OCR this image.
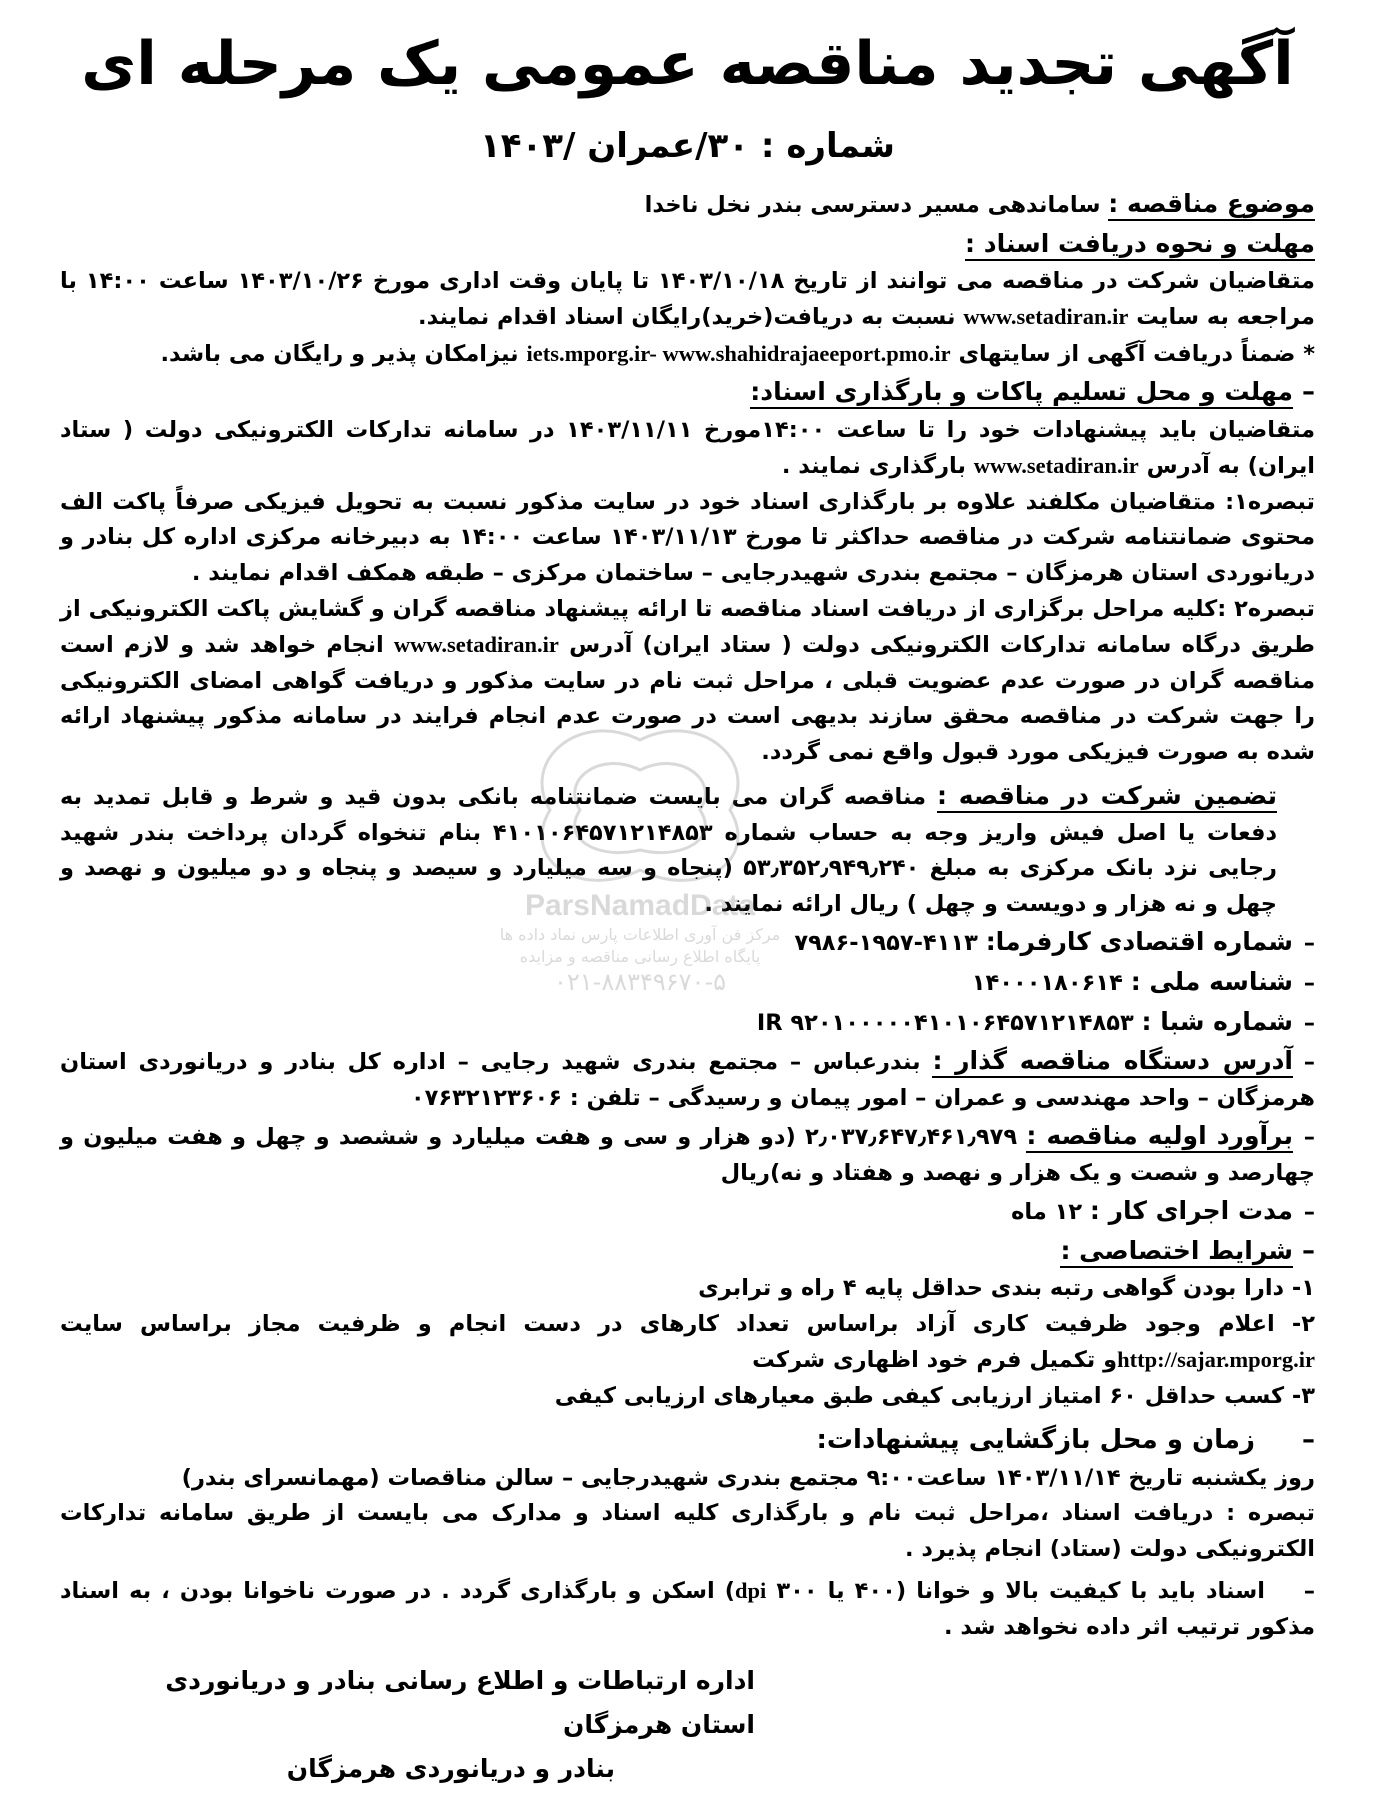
آگهی تجدید مناقصه عمومی یک مرحله ای
شماره : ۳۰/عمران /۱۴۰۳

موضوع مناقصه : ساماندهی مسیر دسترسی بندر نخل ناخدا

مهلت و نحوه دریافت اسناد :

متقاضیان شرکت در مناقصه می توانند از تاریخ ۱۴۰۳/۱۰/۱۸ تا پایان وقت اداری مورخ ۱۴۰۳/۱۰/۲۶ ساعت ۱۴:۰۰ با مراجعه به سایت www.setadiran.ir نسبت به دریافت(خرید)رایگان اسناد اقدام نمایند.

* ضمناً دریافت آگهی از سایتهای iets.mporg.ir- www.shahidrajaeeport.pmo.ir نیزامکان پذیر و رایگان می باشد.

–مهلت و محل تسلیم پاکات و بارگذاری اسناد:

متقاضیان باید پیشنهادات خود را تا ساعت ۱۴:۰۰مورخ ۱۴۰۳/۱۱/۱۱ در سامانه تدارکات الکترونیکی دولت ( ستاد ایران) به آدرس www.setadiran.ir بارگذاری نمایند .

تبصره۱: متقاضیان مکلفند علاوه بر بارگذاری اسناد خود در سایت مذکور نسبت به تحویل فیزیکی صرفاً پاکت الف محتوی ضمانتنامه شرکت در مناقصه حداکثر تا مورخ ۱۴۰۳/۱۱/۱۳ ساعت ۱۴:۰۰ به دبیرخانه مرکزی اداره کل بنادر و دریانوردی استان هرمزگان – مجتمع بندری شهیدرجایی – ساختمان مرکزی – طبقه همکف اقدام نمایند .

تبصره۲ :کلیه مراحل برگزاری از دریافت اسناد مناقصه تا ارائه پیشنهاد مناقصه گران و گشایش پاکت الکترونیکی از طریق درگاه سامانه تدارکات الکترونیکی دولت ( ستاد ایران) آدرس www.setadiran.ir انجام خواهد شد و لازم است مناقصه گران در صورت عدم عضویت قبلی ، مراحل ثبت نام در سایت مذکور و دریافت گواهی امضای الکترونیکی را جهت شرکت در مناقصه محقق سازند بدیهی است در صورت عدم انجام فرایند در سامانه مذکور پیشنهاد ارائه شده به صورت فیزیکی مورد قبول واقع نمی گردد.

تضمین شرکت در مناقصه : مناقصه گران می بایست ضمانتنامه بانکی بدون قید و شرط و قابل تمدید به دفعات یا اصل فیش واریز وجه به حساب شماره ۴۱۰۱۰۶۴۵۷۱۲۱۴۸۵۳ بنام تنخواه گردان پرداخت بندر شهید رجایی نزد بانک مرکزی به مبلغ ۵۳٫۳۵۲٫۹۴۹٫۲۴۰ (پنجاه و سه میلیارد و سیصد و پنجاه و دو میلیون و نهصد و چهل و نه هزار و دویست و چهل ) ریال ارائه نمایند .

–شماره اقتصادی کارفرما: ۴۱۱۳-۱۹۵۷-۷۹۸۶

–شناسه ملی : ۱۴۰۰۰۱۸۰۶۱۴

–شماره شبا : IR ۹۲۰۱۰۰۰۰۰۴۱۰۱۰۶۴۵۷۱۲۱۴۸۵۳

–آدرس دستگاه مناقصه گذار : بندرعباس – مجتمع بندری شهید رجایی – اداره کل بنادر و دریانوردی استان هرمزگان – واحد مهندسی و عمران – امور پیمان و رسیدگی – تلفن : ۰۷۶۳۲۱۲۳۶۰۶

–برآورد اولیه مناقصه : ۲٫۰۳۷٫۶۴۷٫۴۶۱٫۹۷۹ (دو هزار و سی و هفت میلیارد و ششصد و چهل و هفت میلیون و چهارصد و شصت و یک هزار و نهصد و هفتاد و نه)ریال

–مدت اجرای کار : ۱۲ ماه

–شرایط اختصاصی :

۱- دارا بودن گواهی رتبه بندی حداقل پایه ۴ راه و ترابری

۲- اعلام وجود ظرفیت کاری آزاد براساس تعداد کارهای در دست انجام و ظرفیت مجاز براساس سایت http://sajar.mporg.irو تکمیل فرم خود اظهاری شرکت

۳- کسب حداقل ۶۰ امتیاز ارزیابی کیفی طبق معیارهای ارزیابی کیفی

–زمان و محل بازگشایی پیشنهادات:

روز یکشنبه تاریخ ۱۴۰۳/۱۱/۱۴ ساعت۹:۰۰ مجتمع بندری شهیدرجایی – سالن مناقصات (مهمانسرای بندر)

تبصره : دریافت اسناد ،مراحل ثبت نام و بارگذاری کلیه اسناد و مدارک می بایست از طریق سامانه تدارکات الکترونیکی دولت (ستاد) انجام پذیرد .

–اسناد باید با کیفیت بالا و خوانا (۴۰۰ یا ۳۰۰ dpi) اسکن و بارگذاری گردد . در صورت ناخوانا بودن ، به اسناد مذکور ترتیب اثر داده نخواهد شد .

اداره ارتباطات و اطلاع رسانی بنادر و دریانوردی استان هرمزگان
بنادر و دریانوردی هرمزگان
ParsNamadData
مرکز فن آوری اطلاعات پارس نماد داده ها
پایگاه اطلاع رسانی مناقصه و مزایده
۰۲۱-۸۸۳۴۹۶۷۰-۵
